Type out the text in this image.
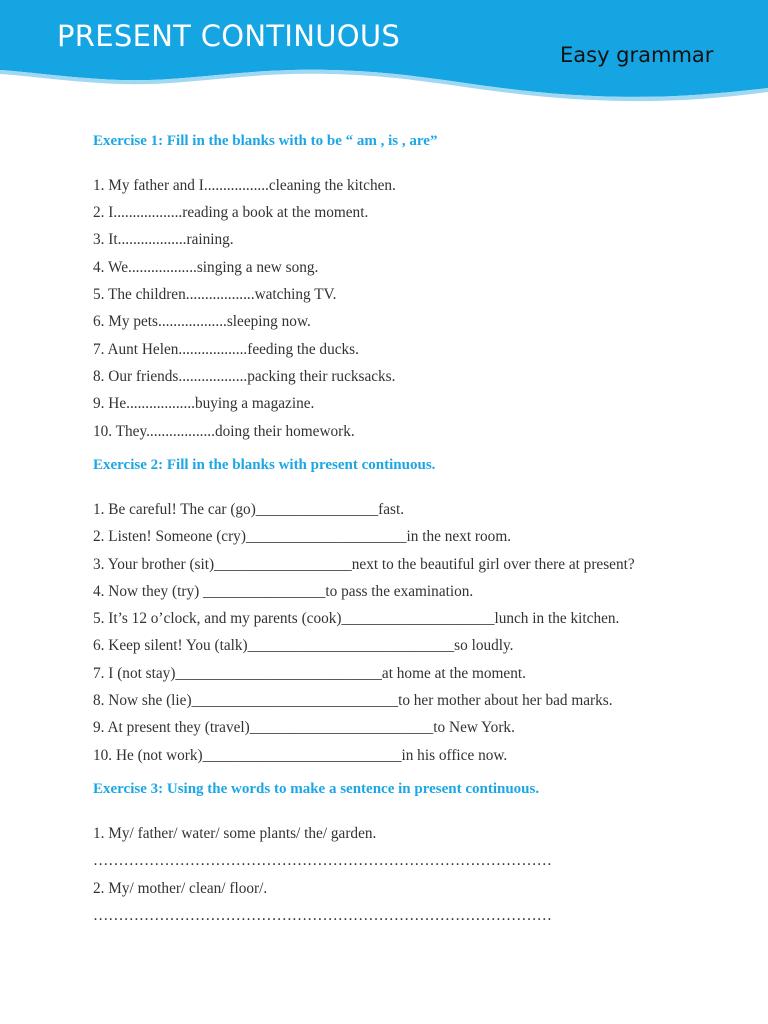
PRESENT CONTINUOUS
Easy grammar
Exercise 1: Fill in the blanks with to be “ am , is , are”
1. My father and I.................cleaning the kitchen.
2. I..................reading a book at the moment.
3. It..................raining.
4. We..................singing a new song.
5. The children..................watching TV.
6. My pets..................sleeping now.
7. Aunt Helen..................feeding the ducks.
8. Our friends..................packing their rucksacks.
9. He..................buying a magazine.
10. They..................doing their homework.
Exercise 2: Fill in the blanks with present continuous.
1. Be careful! The car (go)________________fast.
2. Listen! Someone (cry)_____________________in the next room.
3. Your brother (sit)__________________next to the beautiful girl over there at present?
4. Now they (try) ________________to pass the examination.
5. It’s 12 o’clock, and my parents (cook)____________________lunch in the kitchen.
6. Keep silent! You (talk)___________________________so loudly.
7. I (not stay)___________________________at home at the moment.
8. Now she (lie)___________________________to her mother about her bad marks.
9. At present they (travel)________________________to New York.
10. He (not work)__________________________in his office now.
Exercise 3: Using the words to make a sentence in present continuous.
1. My/ father/ water/ some plants/ the/ garden.
………………………………………………………………………………
2. My/ mother/ clean/ floor/.
………………………………………………………………………………
